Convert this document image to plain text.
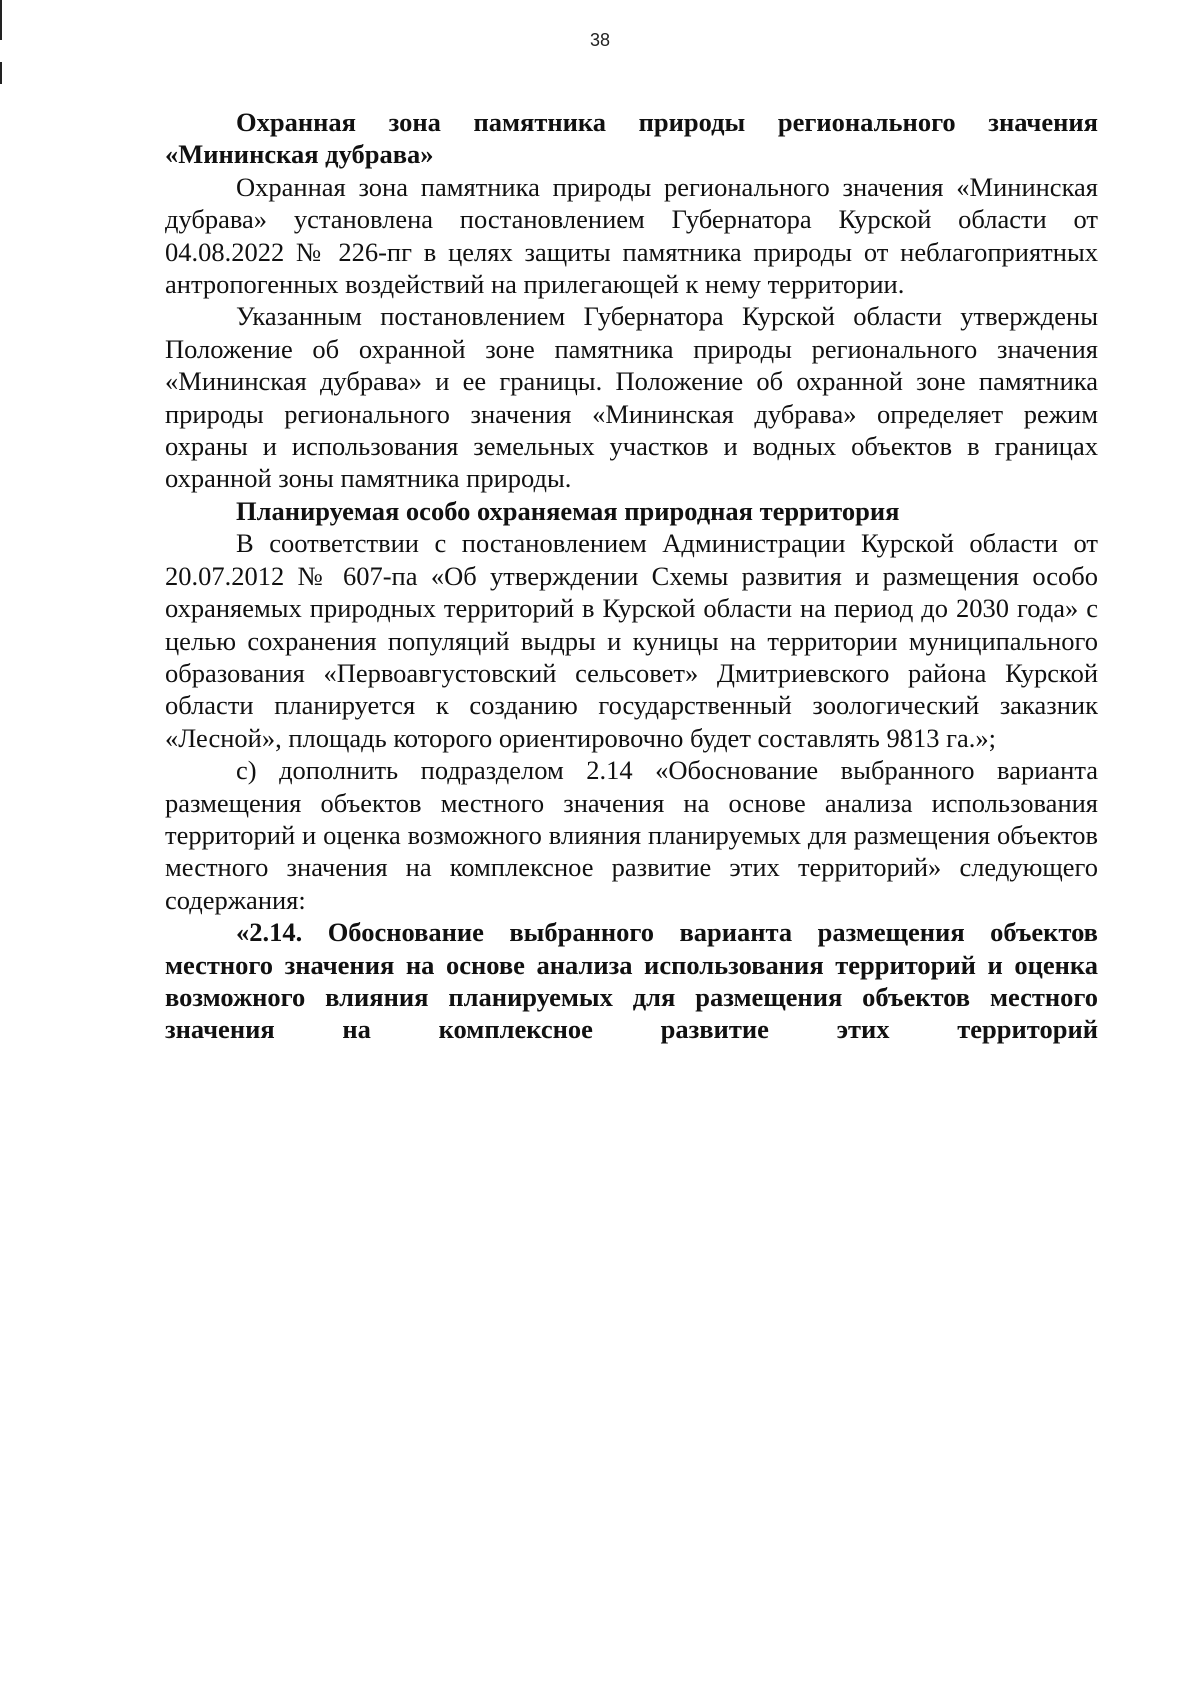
38

Охранная зона памятника природы регионального значения «Мининская дубрава»

Охранная зона памятника природы регионального значения «Мининская дубрава» установлена постановлением Губернатора Курской области от 04.08.2022 № 226-пг в целях защиты памятника природы от неблагоприятных антропогенных воздействий на прилегающей к нему территории.

Указанным постановлением Губернатора Курской области утверждены Положение об охранной зоне памятника природы регионального значения «Мининская дубрава» и ее границы. Положение об охранной зоне памятника природы регионального значения «Мининская дубрава» определяет режим охраны и использования земельных участков и водных объектов в границах охранной зоны памятника природы.

Планируемая особо охраняемая природная территория

В соответствии с постановлением Администрации Курской области от 20.07.2012 № 607-па «Об утверждении Схемы развития и размещения особо охраняемых природных территорий в Курской области на период до 2030 года» с целью сохранения популяций выдры и куницы на территории муниципального образования «Первоавгустовский сельсовет» Дмитриевского района Курской области планируется к созданию государственный зоологический заказник «Лесной», площадь которого ориентировочно будет составлять 9813 га.»;

с) дополнить подразделом 2.14 «Обоснование выбранного варианта размещения объектов местного значения на основе анализа использования территорий и оценка возможного влияния планируемых для размещения объектов местного значения на комплексное развитие этих территорий» следующего содержания:

«2.14. Обоснование выбранного варианта размещения объектов местного значения на основе анализа использования территорий и оценка возможного влияния планируемых для размещения объектов местного значения на комплексное развитие этих территорий
